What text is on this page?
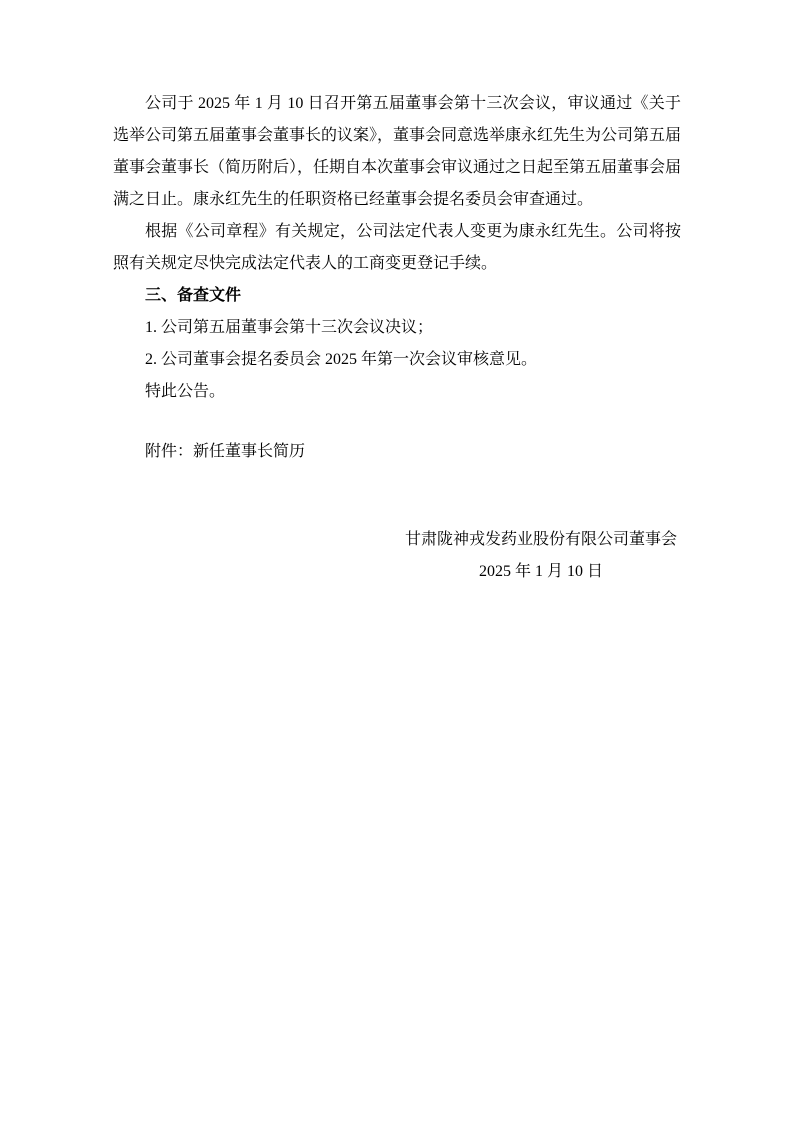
公司于 2025 年 1 月 10 日召开第五届董事会第十三次会议，审议通过《关于选举公司第五届董事会董事长的议案》，董事会同意选举康永红先生为公司第五届董事会董事长（简历附后），任期自本次董事会审议通过之日起至第五届董事会届满之日止。康永红先生的任职资格已经董事会提名委员会审查通过。

根据《公司章程》有关规定，公司法定代表人变更为康永红先生。公司将按照有关规定尽快完成法定代表人的工商变更登记手续。

三、备查文件

1. 公司第五届董事会第十三次会议决议；

2. 公司董事会提名委员会 2025 年第一次会议审核意见。

特此公告。

附件：新任董事长简历

甘肃陇神戎发药业股份有限公司董事会
2025 年 1 月 10 日
